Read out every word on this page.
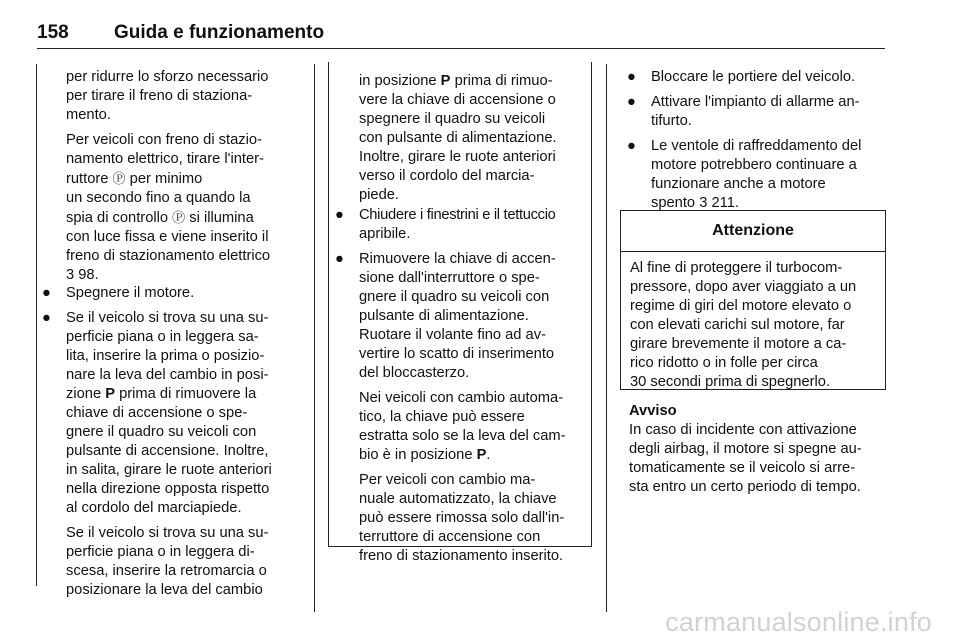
158 Guida e funzionamento

per ridurre lo sforzo necessario
per tirare il freno di staziona-
mento.

Per veicoli con freno di stazio-
namento elettrico, tirare l'inter-
ruttore Ⓟ per minimo
un secondo fino a quando la
spia di controllo Ⓟ si illumina
con luce fissa e viene inserito il
freno di stazionamento elettrico
3 98.

● Spegnere il motore.
● Se il veicolo si trova su una su-
perficie piana o in leggera sa-
lita, inserire la prima o posizio-
nare la leva del cambio in posi-
zione P prima di rimuovere la
chiave di accensione o spe-
gnere il quadro su veicoli con
pulsante di accensione. Inoltre,
in salita, girare le ruote anteriori
nella direzione opposta rispetto
al cordolo del marciapiede.
Se il veicolo si trova su una su-
perficie piana o in leggera di-
scesa, inserire la retromarcia o
posizionare la leva del cambio
in posizione P prima di rimuo-
vere la chiave di accensione o
spegnere il quadro su veicoli
con pulsante di alimentazione.
Inoltre, girare le ruote anteriori
verso il cordolo del marcia-
piede.
● Chiudere i finestrini e il tettuccio
apribile.
● Rimuovere la chiave di accen-
sione dall'interruttore o spe-
gnere il quadro su veicoli con
pulsante di alimentazione.
Ruotare il volante fino ad av-
vertire lo scatto di inserimento
del bloccasterzo.
Nei veicoli con cambio automa-
tico, la chiave può essere
estratta solo se la leva del cam-
bio è in posizione P.
Per veicoli con cambio ma-
nuale automatizzato, la chiave
può essere rimossa solo dall'in-
terruttore di accensione con
freno di stazionamento inserito.
● Bloccare le portiere del veicolo.
● Attivare l'impianto di allarme an-
tifurto.
● Le ventole di raffreddamento del
motore potrebbero continuare a
funzionare anche a motore
spento 3 211.
Attenzione
Al fine di proteggere il turbocom-
pressore, dopo aver viaggiato a un
regime di giri del motore elevato o
con elevati carichi sul motore, far
girare brevemente il motore a ca-
rico ridotto o in folle per circa
30 secondi prima di spegnerlo.
Avviso
In caso di incidente con attivazione
degli airbag, il motore si spegne au-
tomaticamente se il veicolo si arre-
sta entro un certo periodo di tempo.
carmanualsonline.info
